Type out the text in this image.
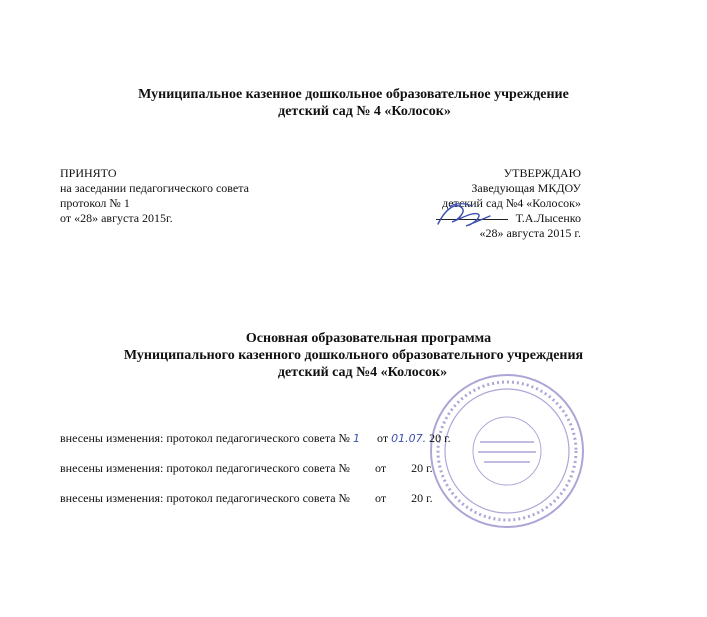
Муниципальное казенное дошкольное образовательное учреждение
детский сад № 4 «Колосок»
ПРИНЯТО
на заседании педагогического совета
протокол № 1
от «28» августа 2015г.
УТВЕРЖДАЮ
Заведующая МКДОУ
детский сад №4 «Колосок»
Т.А.Лысенко
«28» августа 2015 г.
Основная образовательная программа
Муниципального казенного дошкольного образовательного учреждения
детский сад №4 «Колосок»
внесены изменения: протокол педагогического совета № 1 от 01.07. 20 г.
внесены изменения: протокол педагогического совета № от 20 г.
внесены изменения: протокол педагогического совета № от 20 г.
